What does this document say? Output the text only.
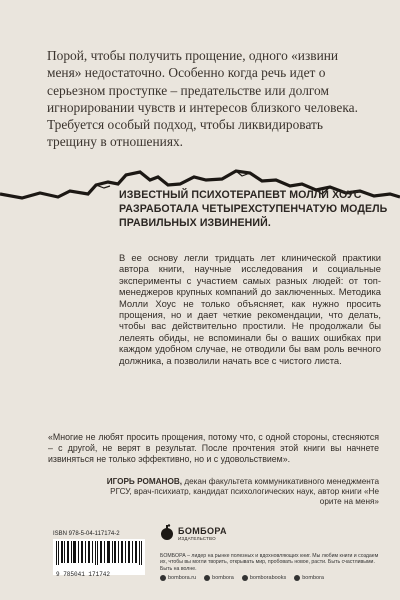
Порой, чтобы получить прощение, одного «извини меня» недостаточно. Особенно когда речь идет о серьезном проступке – предательстве или долгом игнорировании чувств и интересов близкого человека. Требуется особый подход, чтобы ликвидировать трещину в отношениях.

ИЗВЕСТНЫЙ ПСИХОТЕРАПЕВТ МОЛЛИ ХОУС РАЗРАБОТАЛА ЧЕТЫРЕХСТУПЕНЧАТУЮ МОДЕЛЬ ПРАВИЛЬНЫХ ИЗВИНЕНИЙ.

В ее основу легли тридцать лет клинической практики автора книги, научные исследования и социальные эксперименты с участием самых разных людей: от топ-менеджеров крупных компаний до заключенных. Методика Молли Хоус не только объясняет, как нужно просить прощения, но и дает четкие рекомендации, что делать, чтобы вас действительно простили. Не продолжали бы лелеять обиды, не вспоминали бы о ваших ошибках при каждом удобном случае, не отводили бы вам роль вечного должника, а позволили начать все с чистого листа.

«Многие не любят просить прощения, потому что, с одной стороны, стесняются – с другой, не верят в результат. После прочтения этой книги вы начнете извиняться не только эффективно, но и с удовольствием».

ИГОРЬ РОМАНОВ, декан факультета коммуникативного менеджмента РГСУ, врач-психиатр, кандидат психологических наук, автор книги «Не орите на меня»

ISBN 978-5-04-117174-2
9 785041 171742
БОМБОРА
ИЗДАТЕЛЬСТВО

БОМБОРА – лидер на рынке полезных и вдохновляющих книг. Мы любим книги и создаем их, чтобы вы могли творить, открывать мир, пробовать новое, расти. Быть счастливыми. Быть на волне.

bombora.ru	bombora	bomborabooks	bombora
